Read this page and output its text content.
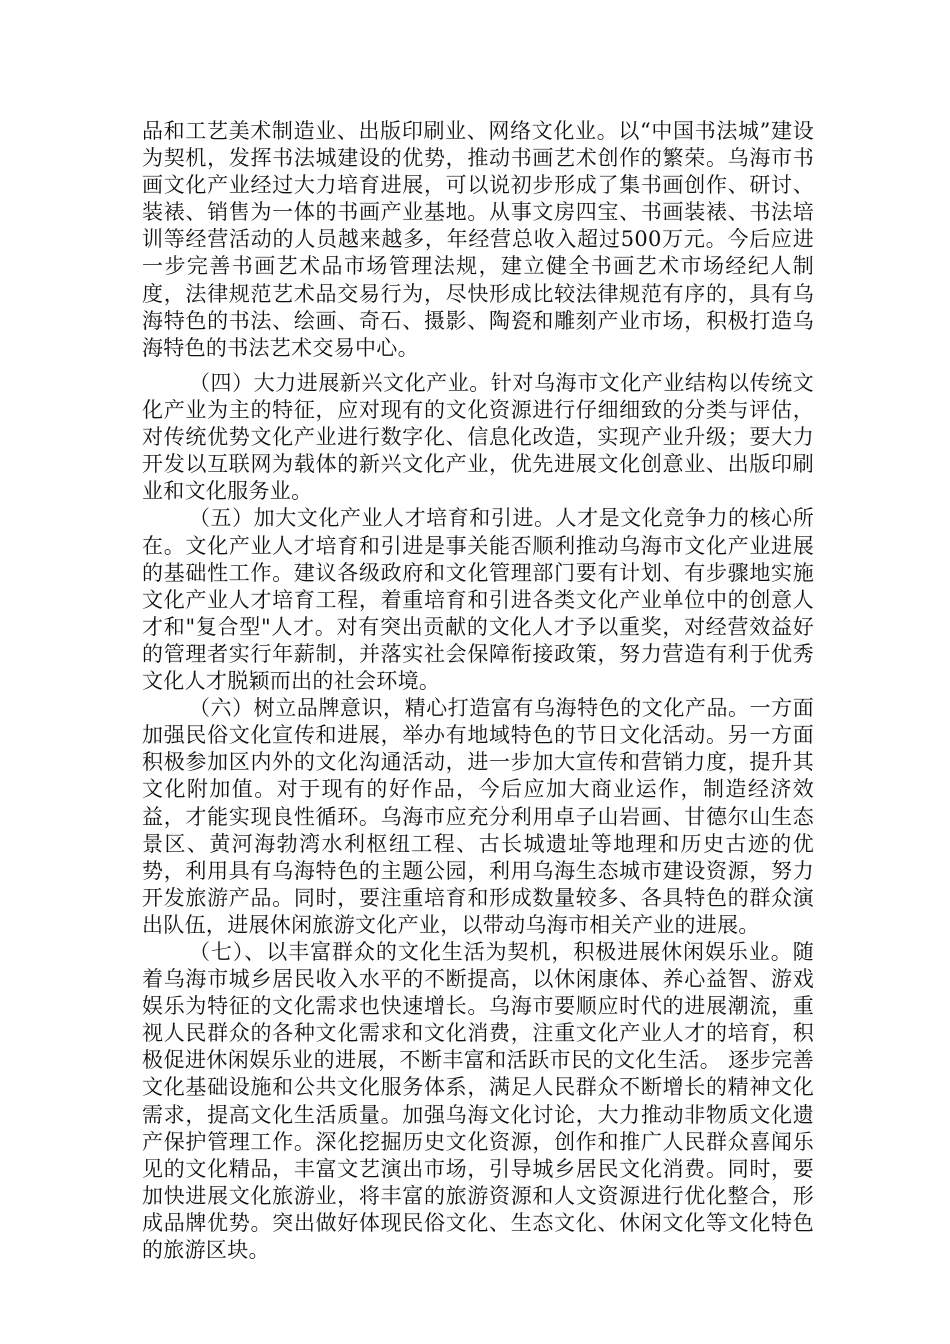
品和工艺美术制造业、出版印刷业、网络文化业。以“中国书法城”建设为契机，发挥书法城建设的优势，推动书画艺术创作的繁荣。乌海市书画文化产业经过大力培育进展，可以说初步形成了集书画创作、研讨、装裱、销售为一体的书画产业基地。从事文房四宝、书画装裱、书法培训等经营活动的人员越来越多，年经营总收入超过500万元。今后应进一步完善书画艺术品市场管理法规，建立健全书画艺术市场经纪人制度，法律规范艺术品交易行为，尽快形成比较法律规范有序的，具有乌海特色的书法、绘画、奇石、摄影、陶瓷和雕刻产业市场，积极打造乌海特色的书法艺术交易中心。

（四）大力进展新兴文化产业。针对乌海市文化产业结构以传统文化产业为主的特征，应对现有的文化资源进行仔细细致的分类与评估，对传统优势文化产业进行数字化、信息化改造，实现产业升级；要大力开发以互联网为载体的新兴文化产业，优先进展文化创意业、出版印刷业和文化服务业。

（五）加大文化产业人才培育和引进。人才是文化竞争力的核心所在。文化产业人才培育和引进是事关能否顺利推动乌海市文化产业进展的基础性工作。建议各级政府和文化管理部门要有计划、有步骤地实施文化产业人才培育工程，着重培育和引进各类文化产业单位中的创意人才和"复合型"人才。对有突出贡献的文化人才予以重奖，对经营效益好的管理者实行年薪制，并落实社会保障衔接政策，努力营造有利于优秀文化人才脱颖而出的社会环境。

（六）树立品牌意识，精心打造富有乌海特色的文化产品。一方面加强民俗文化宣传和进展，举办有地域特色的节日文化活动。另一方面积极参加区内外的文化沟通活动，进一步加大宣传和营销力度，提升其文化附加值。对于现有的好作品，今后应加大商业运作，制造经济效益，才能实现良性循环。乌海市应充分利用卓子山岩画、甘德尔山生态景区、黄河海勃湾水利枢纽工程、古长城遗址等地理和历史古迹的优势，利用具有乌海特色的主题公园，利用乌海生态城市建设资源，努力开发旅游产品。同时，要注重培育和形成数量较多、各具特色的群众演出队伍，进展休闲旅游文化产业，以带动乌海市相关产业的进展。

（七）、以丰富群众的文化生活为契机，积极进展休闲娱乐业。随着乌海市城乡居民收入水平的不断提高，以休闲康体、养心益智、游戏娱乐为特征的文化需求也快速增长。乌海市要顺应时代的进展潮流，重视人民群众的各种文化需求和文化消费，注重文化产业人才的培育，积极促进休闲娱乐业的进展，不断丰富和活跃市民的文化生活。 逐步完善文化基础设施和公共文化服务体系，满足人民群众不断增长的精神文化需求，提高文化生活质量。加强乌海文化讨论，大力推动非物质文化遗产保护管理工作。深化挖掘历史文化资源，创作和推广人民群众喜闻乐见的文化精品，丰富文艺演出市场，引导城乡居民文化消费。同时，要加快进展文化旅游业，将丰富的旅游资源和人文资源进行优化整合，形成品牌优势。突出做好体现民俗文化、生态文化、休闲文化等文化特色的旅游区块。
